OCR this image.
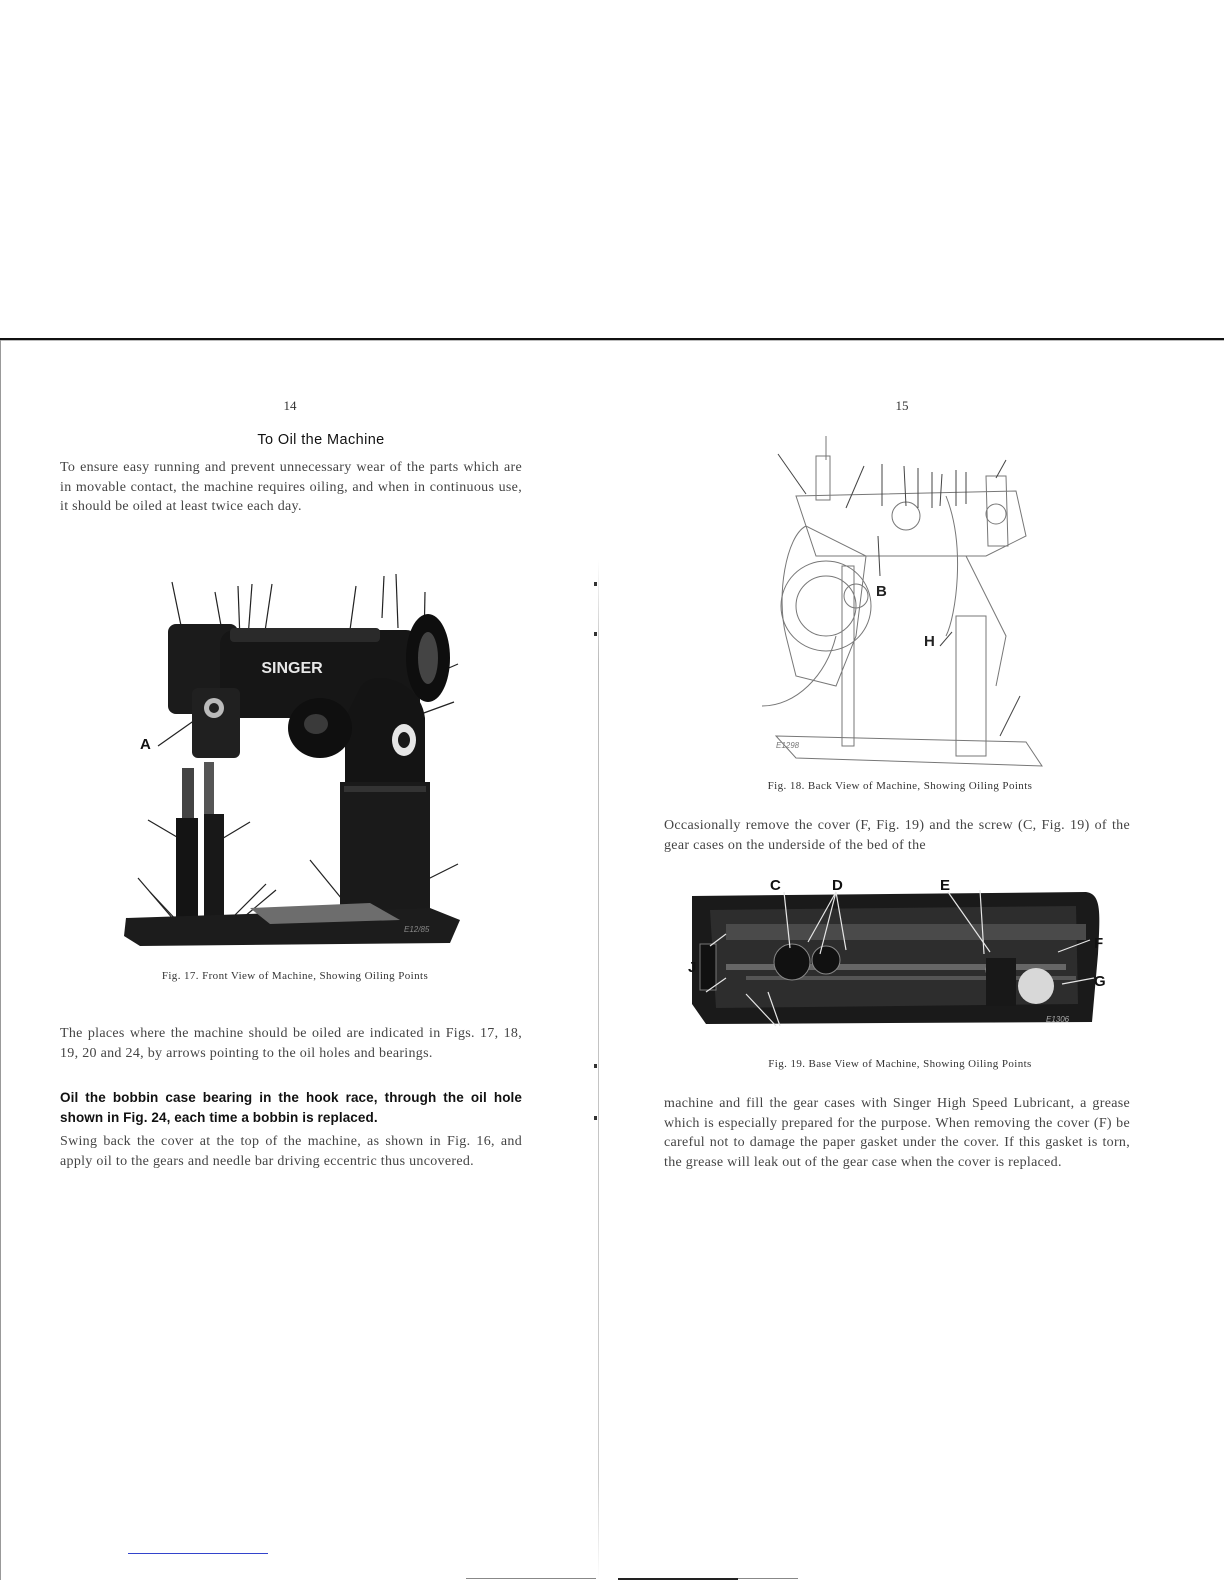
14
To Oil the Machine

To ensure easy running and prevent unnecessary wear of the parts which are in movable contact, the machine requires oiling, and when in continuous use, it should be oiled at least twice each day.

SINGER
E12/85
A
Fig. 17. Front View of Machine, Showing Oiling Points

The places where the machine should be oiled are indicated in Figs. 17, 18, 19, 20 and 24, by arrows pointing to the oil holes and bearings.

Oil the bobbin case bearing in the hook race, through the oil hole shown in Fig. 24, each time a bobbin is replaced.

Swing back the cover at the top of the machine, as shown in Fig. 16, and apply oil to the gears and needle bar driving eccentric thus uncovered.

15
B
H
E1298
Fig. 18. Back View of Machine, Showing Oiling Points

Occasionally remove the cover (F, Fig. 19) and the screw (C, Fig. 19) of the gear cases on the underside of the bed of the

C	D	E
F
G
J
E1306
Fig. 19. Base View of Machine, Showing Oiling Points

machine and fill the gear cases with Singer High Speed Lubricant, a grease which is especially prepared for the purpose. When removing the cover (F) be careful not to damage the paper gasket under the cover. If this gasket is torn, the grease will leak out of the gear case when the cover is replaced.
